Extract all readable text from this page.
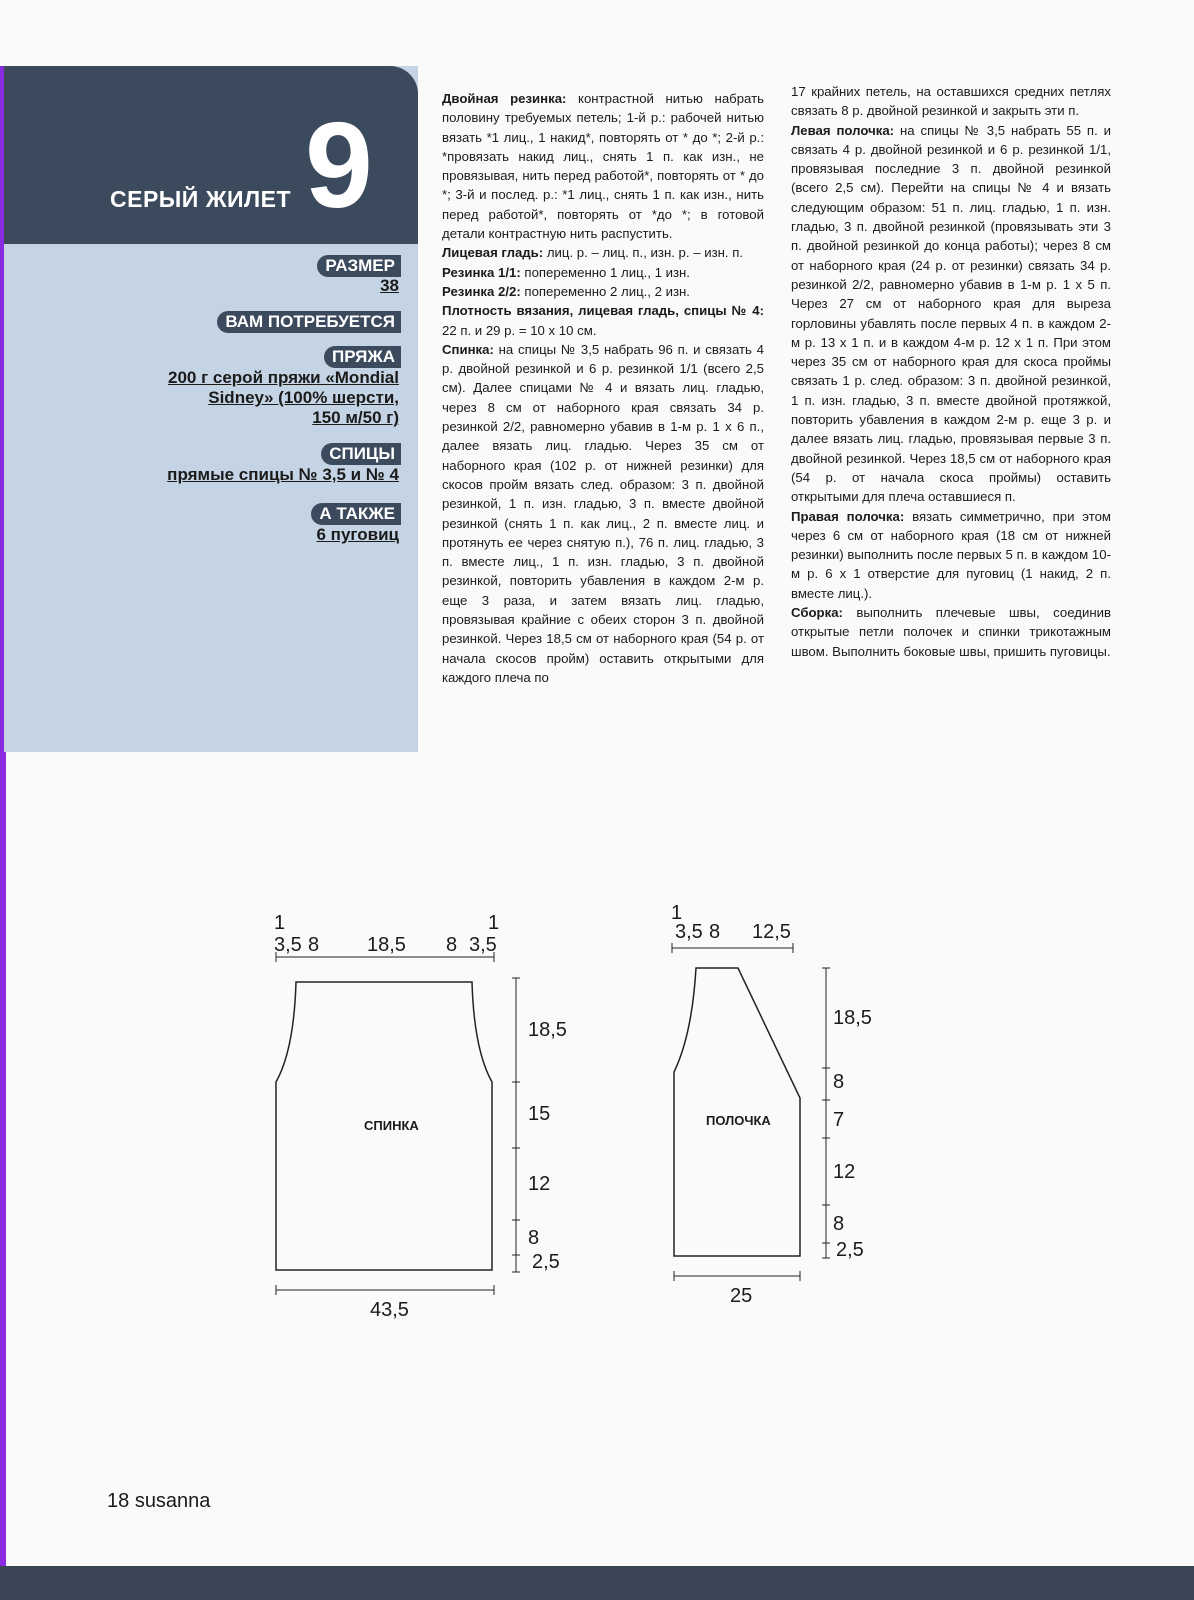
9
СЕРЫЙ ЖИЛЕТ
РАЗМЕР
38
ВАМ ПОТРЕБУЕТСЯ
ПРЯЖА
200 г серой пряжи «Mondial
Sidney» (100% шерсти,
150 м/50 г)
СПИЦЫ
прямые спицы № 3,5 и № 4
А ТАКЖЕ
6 пуговиц

Двойная резинка: контрастной нитью набрать половину требуемых петель; 1-й р.: рабочей нитью вязать *1 лиц., 1 накид*, повторять от * до *; 2-й р.: *провязать накид лиц., снять 1 п. как изн., не провязывая, нить перед работой*, повторять от * до *; 3-й и послед. р.: *1 лиц., снять 1 п. как изн., нить перед работой*, повторять от *до *; в готовой детали контрастную нить распустить.

Лицевая гладь: лиц. р. – лиц. п., изн. р. – изн. п.

Резинка 1/1: попеременно 1 лиц., 1 изн.

Резинка 2/2: попеременно 2 лиц., 2 изн.

Плотность вязания, лицевая гладь, спицы № 4: 22 п. и 29 р. = 10 х 10 см.

Спинка: на спицы № 3,5 набрать 96 п. и связать 4 р. двойной резинкой и 6 р. резинкой 1/1 (всего 2,5 см). Далее спицами № 4 и вязать лиц. гладью, через 8 см от наборного края связать 34 р. резинкой 2/2, равномерно убавив в 1-м р. 1 х 6 п., далее вязать лиц. гладью. Через 35 см от наборного края (102 р. от нижней резинки) для скосов пройм вязать след. образом: 3 п. двойной резинкой, 1 п. изн. гладью, 3 п. вместе двойной резинкой (снять 1 п. как лиц., 2 п. вместе лиц. и протянуть ее через снятую п.), 76 п. лиц. гладью, 3 п. вместе лиц., 1 п. изн. гладью, 3 п. двойной резинкой, повторить убавления в каждом 2-м р. еще 3 раза, и затем вязать лиц. гладью, провязывая крайние с обеих сторон 3 п. двойной резинкой. Через 18,5 см от наборного края (54 р. от начала скосов пройм) оставить открытыми для каждого плеча по

17 крайних петель, на оставшихся средних петлях связать 8 р. двойной резинкой и закрыть эти п.

Левая полочка: на спицы № 3,5 набрать 55 п. и связать 4 р. двойной резинкой и 6 р. резинкой 1/1, провязывая последние 3 п. двойной резинкой (всего 2,5 см). Перейти на спицы № 4 и вязать следующим образом: 51 п. лиц. гладью, 1 п. изн. гладью, 3 п. двойной резинкой (провязывать эти 3 п. двойной резинкой до конца работы); через 8 см от наборного края (24 р. от резинки) связать 34 р. резинкой 2/2, равномерно убавив в 1-м р. 1 х 5 п. Через 27 см от наборного края для выреза горловины убавлять после первых 4 п. в каждом 2-м р. 13 х 1 п. и в каждом 4-м р. 12 х 1 п. При этом через 35 см от наборного края для скоса проймы связать 1 р. след. образом: 3 п. двойной резинкой, 1 п. изн. гладью, 3 п. вместе двойной протяжкой, повторить убавления в каждом 2-м р. еще 3 р. и далее вязать лиц. гладью, провязывая первые 3 п. двойной резинкой. Через 18,5 см от наборного края (54 р. от начала скоса проймы) оставить открытыми для плеча оставшиеся п.

Правая полочка: вязать симметрично, при этом через 6 см от наборного края (18 см от нижней резинки) выполнить после первых 5 п. в каждом 10-м р. 6 х 1 отверстие для пуговиц (1 накид, 2 п. вместе лиц.).

Сборка: выполнить плечевые швы, соединив открытые петли полочек и спинки трикотажным швом. Выполнить боковые швы, пришить пуговицы.

1
3,5 8 18,5 8 3,5
1
18,5
15
12
8
2,5
43,5
СПИНКА
1
3,5 8 12,5
18,5
8
7
12
8
2,5
25
ПОЛОЧКА
18 susanna
